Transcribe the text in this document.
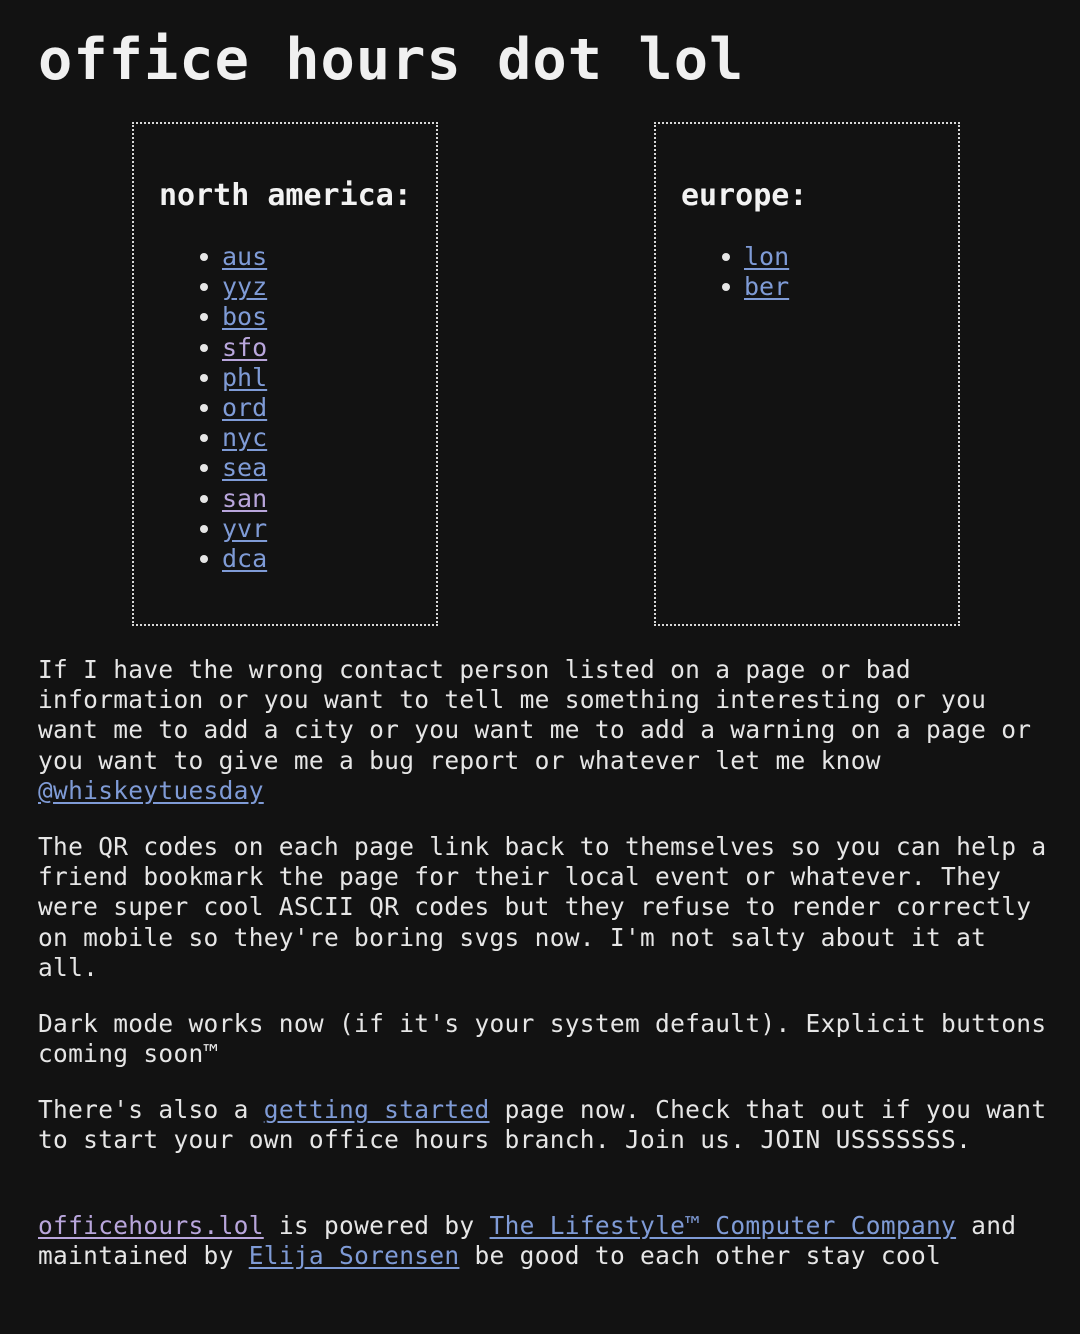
office hours dot lol
north america:
aus
yyz
bos
sfo
phl
ord
nyc
sea
san
yvr
dca
europe:
lon
ber

If I have the wrong contact person listed on a page or bad information or you want to tell me something interesting or you want me to add a city or you want me to add a warning on a page or you want to give me a bug report or whatever let me know @whiskeytuesday

The QR codes on each page link back to themselves so you can help a friend bookmark the page for their local event or whatever. They were super cool ASCII QR codes but they refuse to render correctly on mobile so they're boring svgs now. I'm not salty about it at all.

Dark mode works now (if it's your system default). Explicit buttons coming soon™

There's also a getting started page now. Check that out if you want to start your own office hours branch. Join us. JOIN USSSSSSS.

officehours.lol is powered by The Lifestyle™ Computer Company and maintained by Elija Sorensen be good to each other stay cool
